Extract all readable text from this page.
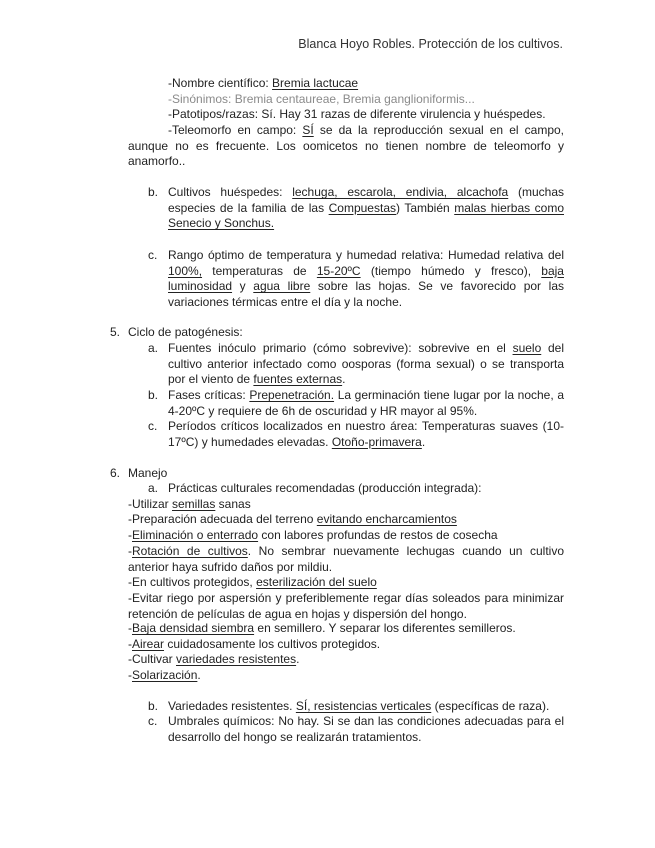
Blanca Hoyo Robles. Protección de los cultivos.
-Nombre científico: Bremia lactucae
-Sinónimos: Bremia centaureae, Bremia ganglioniformis...
-Patotipos/razas: Sí. Hay 31 razas de diferente virulencia y huéspedes.
-Teleomorfo en campo: SÍ se da la reproducción sexual en el campo, aunque no es frecuente. Los oomicetos no tienen nombre de teleomorfo y anamorfo..
b. Cultivos huéspedes: lechuga, escarola, endivia, alcachofa (muchas especies de la familia de las Compuestas) También malas hierbas como Senecio y Sonchus.
c. Rango óptimo de temperatura y humedad relativa: Humedad relativa del 100%, temperaturas de 15-20ºC (tiempo húmedo y fresco), baja luminosidad y agua libre sobre las hojas. Se ve favorecido por las variaciones térmicas entre el día y la noche.
5. Ciclo de patogénesis:
a. Fuentes inóculo primario (cómo sobrevive): sobrevive en el suelo del cultivo anterior infectado como oosporas (forma sexual) o se transporta por el viento de fuentes externas.
b. Fases críticas: Prepenetración. La germinación tiene lugar por la noche, a 4-20ºC y requiere de 6h de oscuridad y HR mayor al 95%.
c. Períodos críticos localizados en nuestro área: Temperaturas suaves (10-17ºC) y humedades elevadas. Otoño-primavera.
6. Manejo
a. Prácticas culturales recomendadas (producción integrada):
-Utilizar semillas sanas
-Preparación adecuada del terreno evitando encharcamientos
-Eliminación o enterrado con labores profundas de restos de cosecha
-Rotación de cultivos. No sembrar nuevamente lechugas cuando un cultivo anterior haya sufrido daños por mildiu.
-En cultivos protegidos, esterilización del suelo
-Evitar riego por aspersión y preferiblemente regar días soleados para minimizar retención de películas de agua en hojas y dispersión del hongo.
-Baja densidad siembra en semillero. Y separar los diferentes semilleros.
-Airear cuidadosamente los cultivos protegidos.
-Cultivar variedades resistentes.
-Solarización.
b. Variedades resistentes. SÍ, resistencias verticales (específicas de raza).
c. Umbrales químicos: No hay. Si se dan las condiciones adecuadas para el desarrollo del hongo se realizarán tratamientos.
